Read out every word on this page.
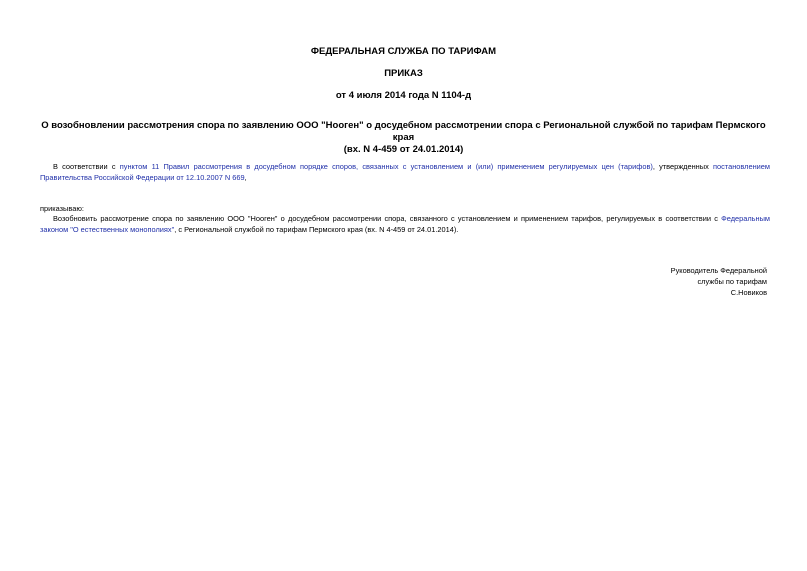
ФЕДЕРАЛЬНАЯ СЛУЖБА ПО ТАРИФАМ
ПРИКАЗ
от 4 июля 2014 года N 1104-д
О возобновлении рассмотрения спора по заявлению ООО "Нооген" о досудебном рассмотрении спора с Региональной службой по тарифам Пермского края
(вх. N 4-459 от 24.01.2014)

В соответствии с пунктом 11 Правил рассмотрения в досудебном порядке споров, связанных с установлением и (или) применением регулируемых цен (тарифов), утвержденных постановлением Правительства Российской Федерации от 12.10.2007 N 669,

приказываю:

Возобновить рассмотрение спора по заявлению ООО "Нооген" о досудебном рассмотрении спора, связанного с установлением и применением тарифов, регулируемых в соответствии с Федеральным законом "О естественных монополиях", с Региональной службой по тарифам Пермского края (вх. N 4-459 от 24.01.2014).

Руководитель Федеральной
службы по тарифам
С.Новиков
